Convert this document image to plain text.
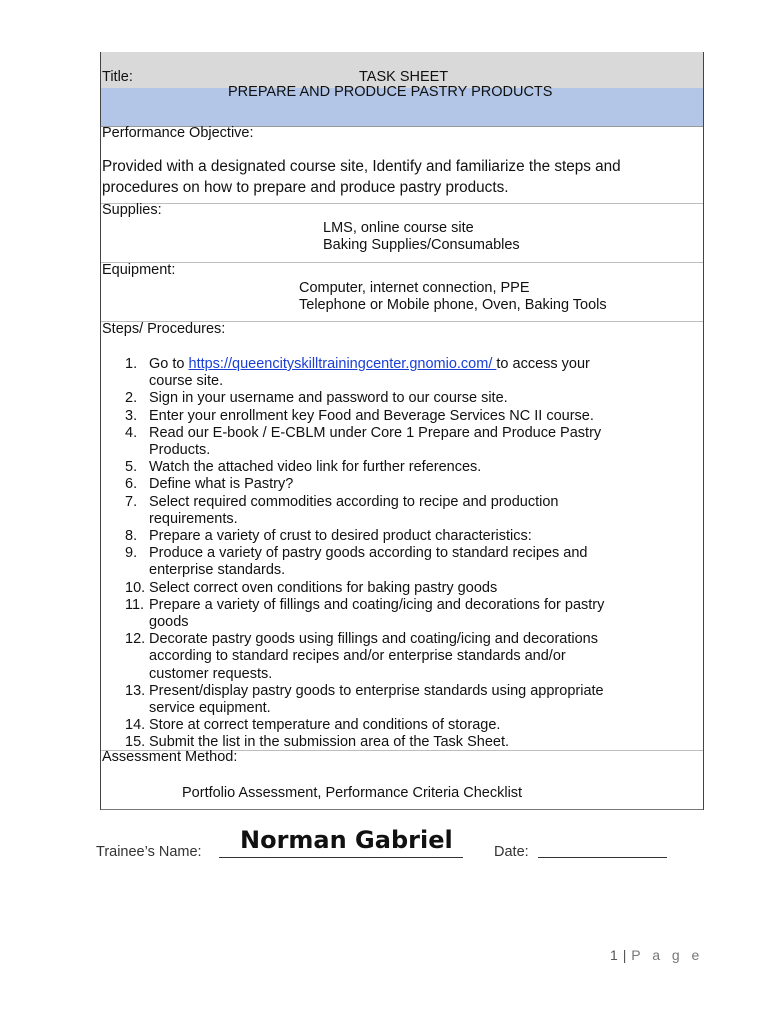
Title:	TASK SHEET
PREPARE AND PRODUCE PASTRY PRODUCTS
Performance Objective:
Provided with a designated course site, Identify and familiarize the steps and
procedures on how to prepare and produce pastry products.
Supplies:
LMS, online course site
Baking Supplies/Consumables
Equipment:
Computer, internet connection, PPE
Telephone or Mobile phone, Oven, Baking Tools
Steps/ Procedures:
1. Go to https://queencityskilltrainingcenter.gnomio.com/ to access your
course site.
2. Sign in your username and password to our course site.
3. Enter your enrollment key Food and Beverage Services NC II course.
4. Read our E-book / E-CBLM under Core 1 Prepare and Produce Pastry
Products.
5. Watch the attached video link for further references.
6. Define what is Pastry?
7. Select required commodities according to recipe and production
requirements.
8. Prepare a variety of crust to desired product characteristics:
9. Produce a variety of pastry goods according to standard recipes and
enterprise standards.
10. Select correct oven conditions for baking pastry goods
11. Prepare a variety of fillings and coating/icing and decorations for pastry
goods
12. Decorate pastry goods using fillings and coating/icing and decorations
according to standard recipes and/or enterprise standards and/or
customer requests.
13. Present/display pastry goods to enterprise standards using appropriate
service equipment.
14. Store at correct temperature and conditions of storage.
15. Submit the list in the submission area of the Task Sheet.
Assessment Method:
Portfolio Assessment, Performance Criteria Checklist
Trainee’s Name: Norman Gabriel	Date:
1 | P a g e
